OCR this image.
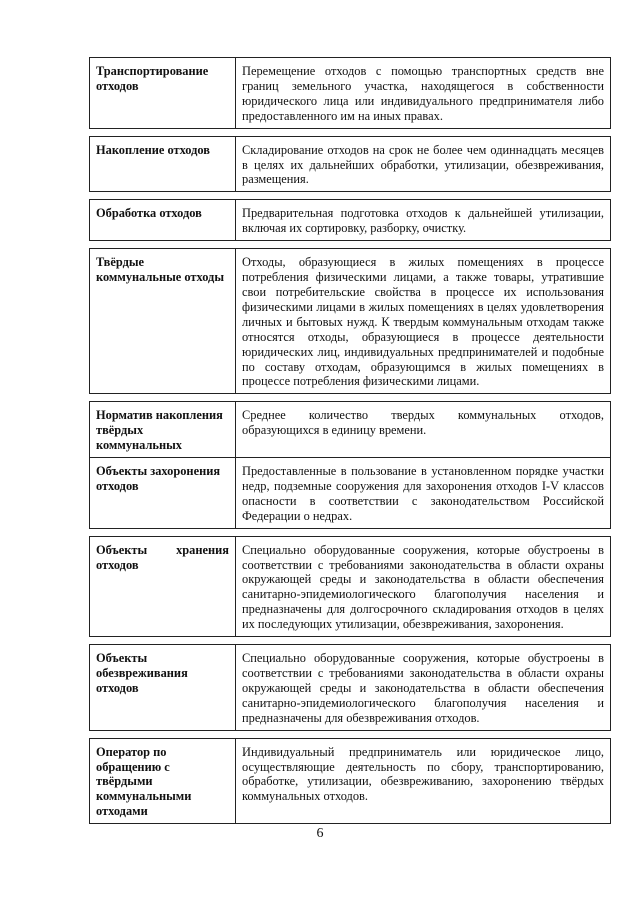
Транспортирование отходов	Перемещение отходов с помощью транспортных средств вне границ земельного участка, находящегося в собственности юридического лица или индивидуального предпринимателя либо предоставленного им на иных правах.

Накопление отходов	Складирование отходов на срок не более чем одиннадцать месяцев в целях их дальнейших обработки, утилизации, обезвреживания, размещения.

Обработка отходов	Предварительная подготовка отходов к дальнейшей утилизации, включая их сортировку, разборку, очистку.

Твёрдые коммунальные отходы	Отходы, образующиеся в жилых помещениях в процессе потребления физическими лицами, а также товары, утратившие свои потребительские свойства в процессе их использования физическими лицами в жилых помещениях в целях удовлетворения личных и бытовых нужд. К твердым коммунальным отходам также относятся отходы, образующиеся в процессе деятельности юридических лиц, индивидуальных предпринимателей и подобные по составу отходам, образующимся в жилых помещениях в процессе потребления физическими лицами.

Норматив накопления твёрдых коммунальных	Среднее количество твердых коммунальных отходов, образующихся в единицу времени.
Объекты захоронения отходов	Предоставленные в пользование в установленном порядке участки недр, подземные сооружения для захоронения отходов I-V классов опасности в соответствии с законодательством Российской Федерации о недрах.

Объекты хранения отходов	Специально оборудованные сооружения, которые обустроены в соответствии с требованиями законодательства в области охраны окружающей среды и законодательства в области обеспечения санитарно-эпидемиологического благополучия населения и предназначены для долгосрочного складирования отходов в целях их последующих утилизации, обезвреживания, захоронения.

Объекты обезвреживания отходов	Специально оборудованные сооружения, которые обустроены в соответствии с требованиями законодательства в области охраны окружающей среды и законодательства в области обеспечения санитарно-эпидемиологического благополучия населения и предназначены для обезвреживания отходов.

Оператор по обращению с твёрдыми коммунальными отходами	Индивидуальный предприниматель или юридическое лицо, осуществляющие деятельность по сбору, транспортированию, обработке, утилизации, обезвреживанию, захоронению твёрдых коммунальных отходов.
6
